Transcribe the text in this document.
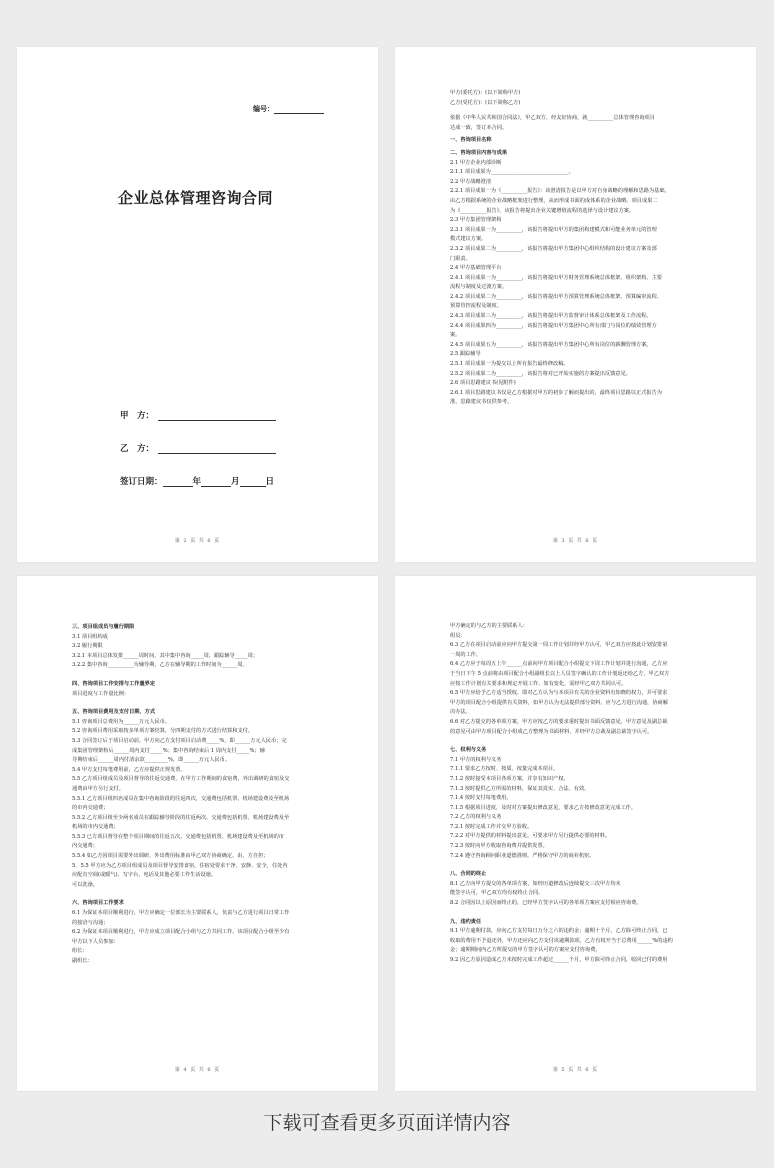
编号：
企业总体管理咨询合同
甲　方：
乙　方：
签订日期：	年	月	日
第 2 页 共 6 页
甲方(委托方)：(以下简称甲方)
乙方(受托方)：(以下简称乙方)
依据《中华人民共和国合同法》，甲乙双方，经友好协商，就__________总体管理咨询项目
达成一致，签订本合同。
一、咨询项目名称
二、咨询项目内容与成果
2.1 甲方企业内部诊断
2.1.1 项目成果为______________________________。
2.2 甲方战略澄清
2.2.1 项目成果一为《__________报告》：该澄清报告是以甲方对自身战略的理解和思路为基础，
由乙方根据系统的企业战略框架进行整理，从而形成书面的成体系的企业战略。项目成果二
为《__________报告》，该报告将提出企业关键增值流程的选择与设计建议方案。
2.3 甲方集团管理架构
2.3.1 项目成果一为__________，该报告将提出甲方的集团构建模式和可能业务单元的管理
模式建议方案。
2.3.2 项目成果二为__________，该报告将提出甲方集团中心组织结构的设计建议方案及部
门职责。
2.4 甲方基础管理平台
2.4.1 项目成果一为__________，该报告将提出甲方财务管理系统总体框架、组织架构、主要
流程与制度及过渡方案。
2.4.2 项目成果二为__________，该报告将提出甲方预算管理系统总体框架、预算编审流程、
预算管控流程及制度。
2.4.3 项目成果三为__________，该报告将提出甲方监督审计体系总体框架及工作流程。
2.4.4 项目成果四为__________，该报告将提出甲方集团中心所有部门与岗位的绩效管理方
案。
2.4.5 项目成果五为__________，该报告将提出甲方集团中心所有岗位的薪酬管理方案。
2.5 跟踪辅导
2.5.1 项目成果一为提交以上所有报告最终修改稿。
2.5.2 项目成果二为__________，该报告将对已开始实施的方案提出反馈意见。
2.6 项目思路建议书(见附件)
2.6.1 项目思路建议书仅是乙方根据对甲方的初步了解而提出的，最终项目思路以正式报告为
准。思路建议书仅供参考。
第 3 页 共 6 页
三、项目组成员与履行期限
3.1 项目组构成
3.2 履行期限
3.2.1 本项目总体发排______周时间，其中集中咨询_____周，跟踪辅导_____周；
3.2.2 集中咨询__________为辅导期，乙方在辅导期的工作时间为______周。
四、咨询项目工作安排与工作量界定
项目进度与工作量比例：
五、咨询项目费用及支付日期、方式
5.1 咨询项目总费用为______万元人民币。
5.2 咨询项目费用采取按多单项方案结算，分四期支付的方式进行结算和支付。
5.3 合同签订后于项目启动前，甲方向乙方支付项目启动费_____%，即______万元人民币；完
成集团管理架构后______周内支付_____%；集中咨询结束后 1 周内支付_____%；辅
导期结束后______周内付清余款_________%，即______万元人民币。
5.4 甲方支付每笔费用前，乙方应提供正规发票。
5.5 乙方项目组成员及项目督导的往返交通费，在甲方工作期间的食宿费，外出调研的食宿及交
通费由甲方另行支付。
5.5.1 乙方项目组四名成员在集中咨询阶段的往返四次，交通费包括机票、机场建设费及至机场
的市内交通费；
5.5.2 乙方项目组至少两名成员在跟踪辅导阶段的往返两次，交通费包括机票、机场建设费及至
机场的市内交通费；
5.5.3 已方项目督导在整个项目期间的往返五次，交通费包括机票、机场建设费及至机场的市
内交通费；
5.5.4 如乙方因项目需要外出调研，外出费用标准由甲乙双方协商确定，由，方自担；
5．5.5 甲方应为乙方项目组成员及项目督导安排食宿，住宿处要求干净、安静、安全，住处内
应配有空调(或暖气)、写字台、电话及其他必要工作生活设施。
可以洗澡。
六、咨询项目工作要求
6.1 为保证本项目顺利进行，甲方应确定一位部长为主要联系人，负责与乙方进行项目日常工作
的接洽与沟通；
6.2 为保证本项目顺利进行，甲方应成立项目配合小组与乙方共同工作。该项目配合小组至少有
甲方以下人员参加：
组长：
副组长：
第 4 页 共 6 页
甲方确定的与乙方的主要联系人：
组员：
6.3 乙方在项目启动前应向甲方提交第一周工作计划并经甲方认可，甲乙双方应按此计划安排第
一周的工作。
6.4 乙方应于每周五上午______点前向甲方项目配合小组提交下周工作计划并进行沟通，乙方应
于当日下午 5 点前将由项目配合小组副组长以上人员签字确认的工作计划返还给乙方，甲乙双方
应按工作计划有关要求和规定开展工作。如有变化，需经甲乙双方共同认可。
6.5 甲方应给予乙方适当授权，即对乙方认为与本项目有关的企业资料有知晓的权力，并可要求
甲方的项目配合小组提供有关资料，如甲方认为无法提供部分资料，应与乙方进行沟通，协商解
决办法。
6.6 对乙方提交的各单项方案，甲方应按乙方的要求重时提出书面反馈意见，甲方意见及副总裁
的意见可由甲方项目配合小组成乙方整理为书面材料，并经甲方总裁及副总裁签字认可。
七、权利与义务
7.1 甲方的权利与义务
7.1.1 要求乙方按时、按质、按量完成本项目。
7.1.2 按时接受本项目各项方案，并享有知识产权。
7.1.3 按时提供乙方所需的材料，保证其真实、合法、有效。
7.1.4 按时支付每笔费用。
7.1.5 根据项目进度，及时对方案提出修改意见，要求乙方按修改意见完成工作。
7.2 乙方的权利与义务
7.2.1 按时完成工作并交甲方验收。
7.2.2 对甲方提供的材料提出意见，可要求甲方另行提供必要的材料。
7.2.3 按时向甲方收取咨询费并提供发票。
7.2.4 遵守咨询顾问职业道德准则，严格保守甲方的商业机密。
八、合同的终止
8.1 乙方向甲方提交的各单项方案，如经历道修改后连续提交三次甲方均未
能签字认可，甲乙双方均有权终止合同。
8.2 合同因以上原因而终止的，已经甲方签字认可的各单项方案应支付相应咨询费。
九、违约责任
9.1 甲方逾期付款，应向乙方支付每日万分之六的违约金；逾期十个月，乙方除可终止合同，已
收取的费用不予退还外，甲方还应向乙方支付该逾期款项，乙方有权开当于总费用______%的违约
金；逾期期间内乙方所提交的甲方签字认可的方案应支付咨询费。
9.2 因乙方原因造成乙方未按时完成工作超过______个月，甲方除可终止合同，收回已付的费用
第 5 页 共 6 页
下载可查看更多页面详情内容
